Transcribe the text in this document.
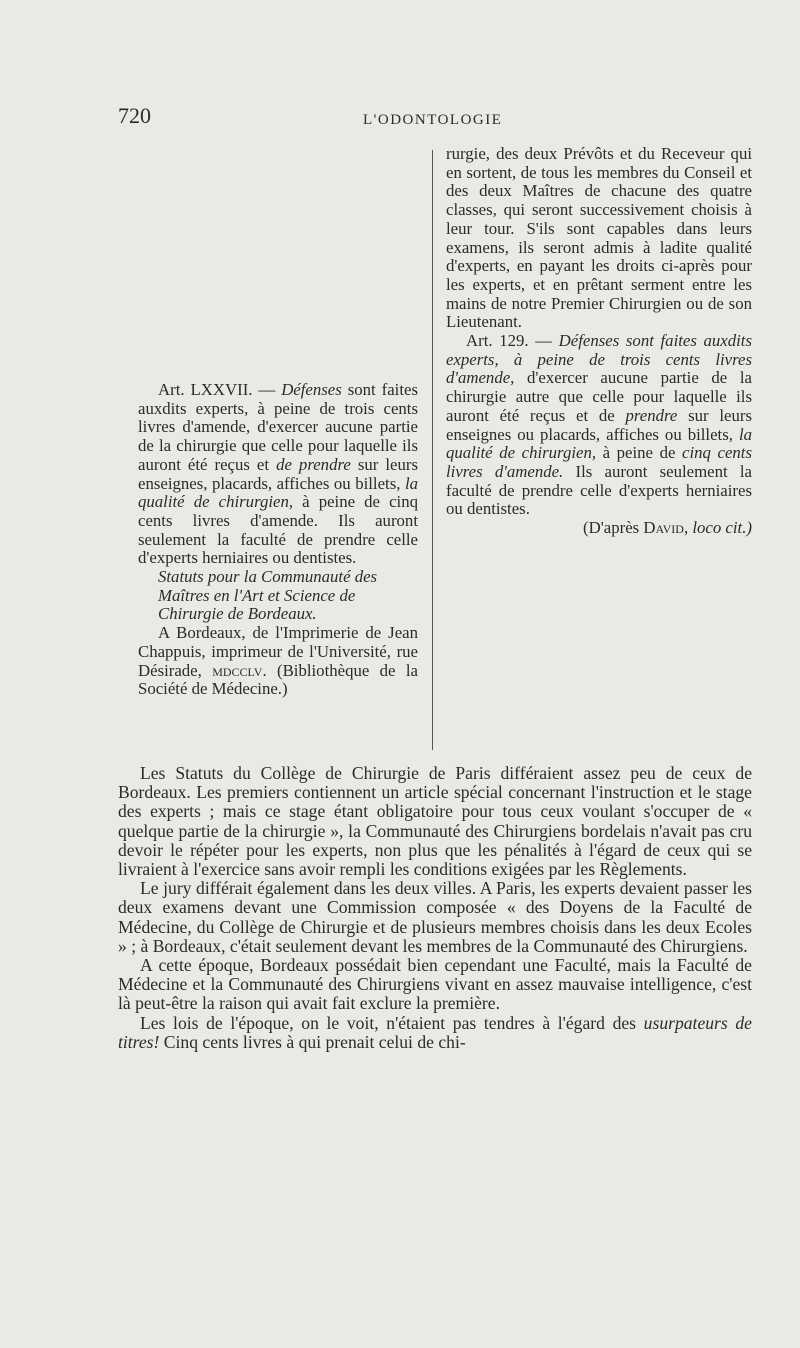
720	L'ODONTOLOGIE

Art. LXXVII. — Défenses sont faites auxdits experts, à peine de trois cents livres d'amende, d'exercer aucune partie de la chirurgie que celle pour laquelle ils auront été reçus et de prendre sur leurs enseignes, placards, affiches ou billets, la qualité de chirurgien, à peine de cinq cents livres d'amende. Ils auront seulement la faculté de prendre celle d'experts herniaires ou dentistes.

Statuts pour la Communauté des Maîtres en l'Art et Science de Chirurgie de Bordeaux.

A Bordeaux, de l'Imprimerie de Jean Chappuis, imprimeur de l'Université, rue Désirade, mdcclv. (Bibliothèque de la Société de Médecine.)

rurgie, des deux Prévôts et du Receveur qui en sortent, de tous les membres du Conseil et des deux Maîtres de chacune des quatre classes, qui seront successivement choisis à leur tour. S'ils sont capables dans leurs examens, ils seront admis à ladite qualité d'experts, en payant les droits ci-après pour les experts, et en prêtant serment entre les mains de notre Premier Chirurgien ou de son Lieutenant.

Art. 129. — Défenses sont faites auxdits experts, à peine de trois cents livres d'amende, d'exercer aucune partie de la chirurgie autre que celle pour laquelle ils auront été reçus et de prendre sur leurs enseignes ou placards, affiches ou billets, la qualité de chirurgien, à peine de cinq cents livres d'amende. Ils auront seulement la faculté de prendre celle d'experts herniaires ou dentistes.

(D'après David, loco cit.)

Les Statuts du Collège de Chirurgie de Paris différaient assez peu de ceux de Bordeaux. Les premiers contiennent un article spécial concernant l'instruction et le stage des experts ; mais ce stage étant obligatoire pour tous ceux voulant s'occuper de « quelque partie de la chirurgie », la Communauté des Chirurgiens bordelais n'avait pas cru devoir le répéter pour les experts, non plus que les pénalités à l'égard de ceux qui se livraient à l'exercice sans avoir rempli les conditions exigées par les Règlements.

Le jury différait également dans les deux villes. A Paris, les experts devaient passer les deux examens devant une Commission composée « des Doyens de la Faculté de Médecine, du Collège de Chirurgie et de plusieurs membres choisis dans les deux Ecoles » ; à Bordeaux, c'était seulement devant les membres de la Communauté des Chirurgiens.

A cette époque, Bordeaux possédait bien cependant une Faculté, mais la Faculté de Médecine et la Communauté des Chirurgiens vivant en assez mauvaise intelligence, c'est là peut-être la raison qui avait fait exclure la première.

Les lois de l'époque, on le voit, n'étaient pas tendres à l'égard des usurpateurs de titres! Cinq cents livres à qui prenait celui de chi-
